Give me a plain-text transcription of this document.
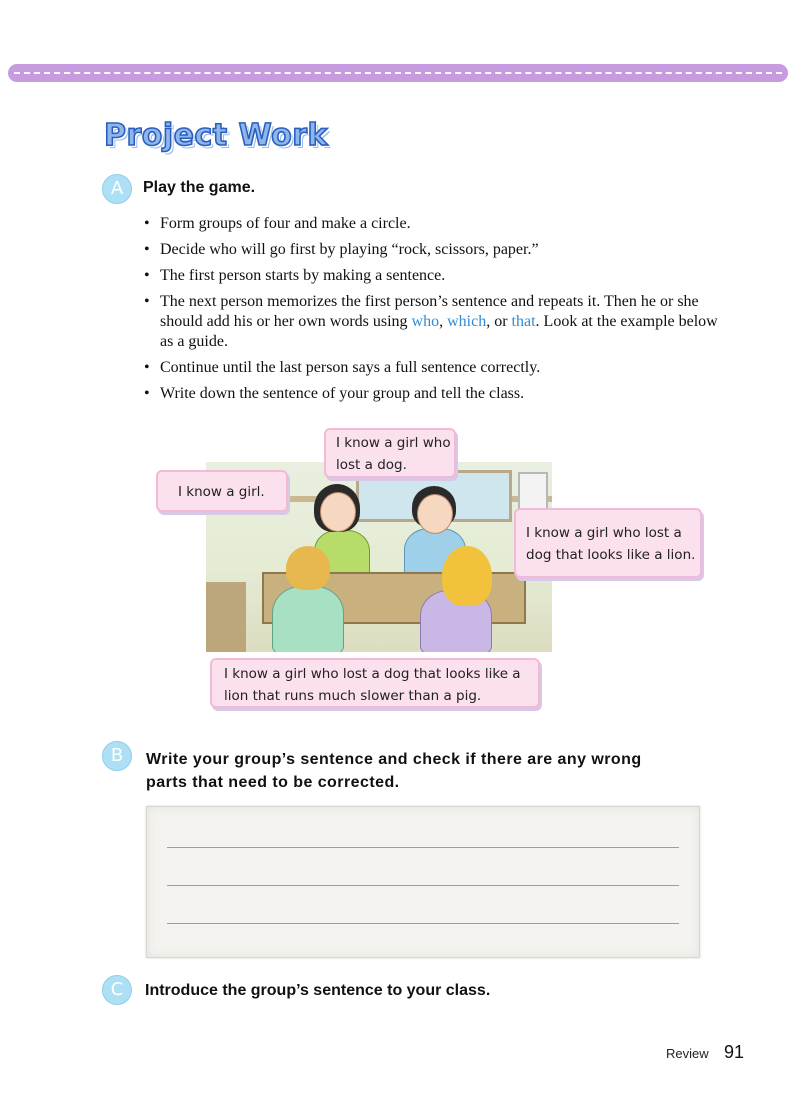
Project Work
A	Play the game.
• Form groups of four and make a circle.
• Decide who will go first by playing “rock, scissors, paper.”
• The first person starts by making a sentence.
• The next person memorizes the first person’s sentence and repeats it. Then he or she should add his or her own words using who, which, or that. Look at the example below as a guide.
• Continue until the last person says a full sentence correctly.
• Write down the sentence of your group and tell the class.
I know a girl.
I know a girl who
lost a dog.
I know a girl who lost a
dog that looks like a lion.
I know a girl who lost a dog that looks like a
lion that runs much slower than a pig.
B	Write your group’s sentence and check if there are any wrong
parts that need to be corrected.
C	Introduce the group’s sentence to your class.
Review 91
